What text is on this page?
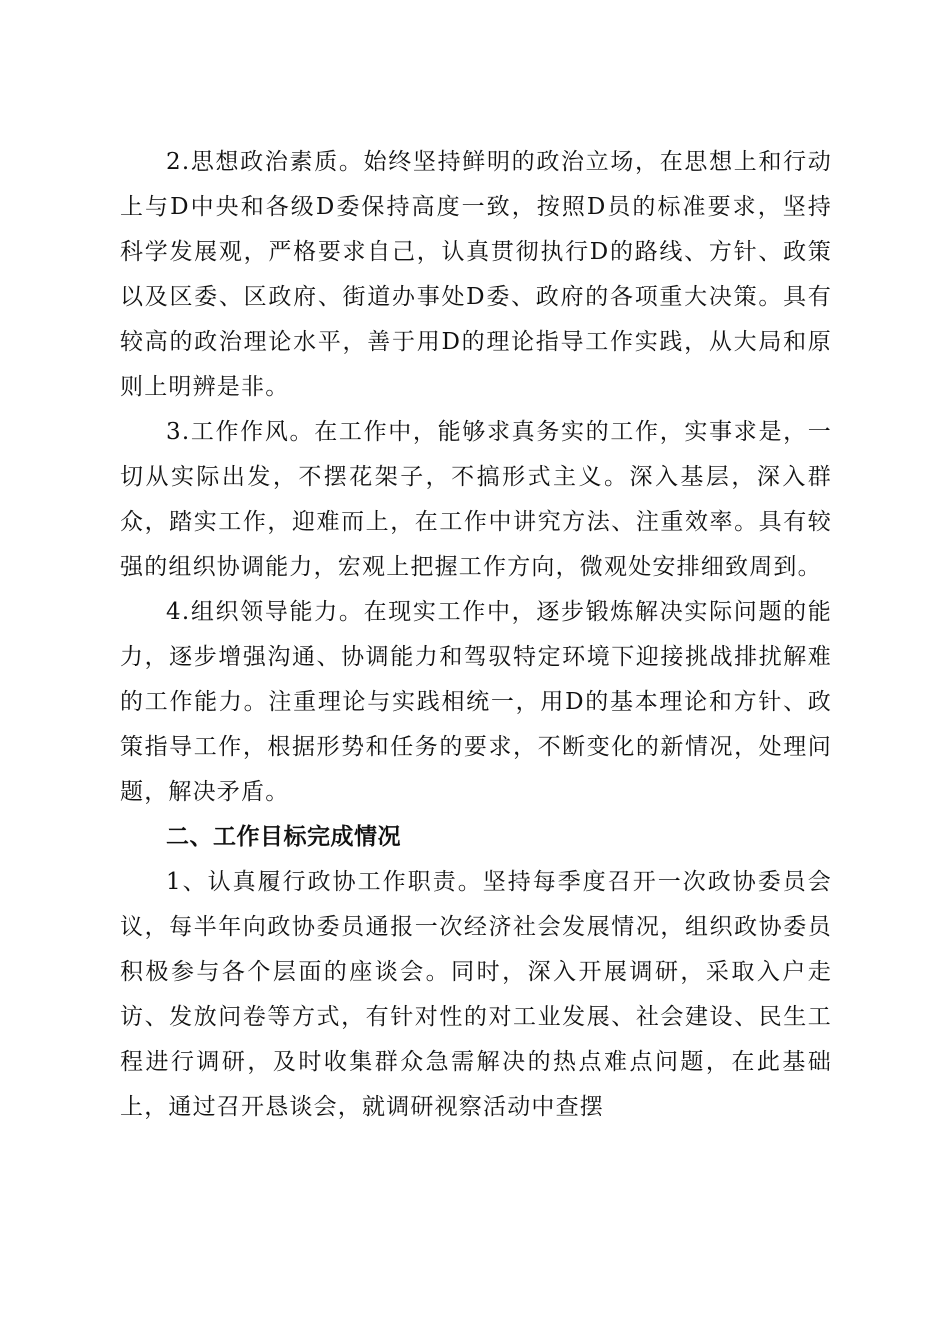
2.思想政治素质。始终坚持鲜明的政治立场，在思想上和行动上与D中央和各级D委保持高度一致，按照D员的标准要求，坚持科学发展观，严格要求自己，认真贯彻执行D的路线、方针、政策以及区委、区政府、街道办事处D委、政府的各项重大决策。具有较高的政治理论水平，善于用D的理论指导工作实践，从大局和原则上明辨是非。

3.工作作风。在工作中，能够求真务实的工作，实事求是，一切从实际出发，不摆花架子，不搞形式主义。深入基层，深入群众，踏实工作，迎难而上，在工作中讲究方法、注重效率。具有较强的组织协调能力，宏观上把握工作方向，微观处安排细致周到。

4.组织领导能力。在现实工作中，逐步锻炼解决实际问题的能力，逐步增强沟通、协调能力和驾驭特定环境下迎接挑战排扰解难的工作能力。注重理论与实践相统一，用D的基本理论和方针、政策指导工作，根据形势和任务的要求，不断变化的新情况，处理问题，解决矛盾。

二、工作目标完成情况

1、认真履行政协工作职责。坚持每季度召开一次政协委员会议，每半年向政协委员通报一次经济社会发展情况，组织政协委员积极参与各个层面的座谈会。同时，深入开展调研，采取入户走访、发放问卷等方式，有针对性的对工业发展、社会建设、民生工程进行调研，及时收集群众急需解决的热点难点问题，在此基础上，通过召开恳谈会，就调研视察活动中查摆
